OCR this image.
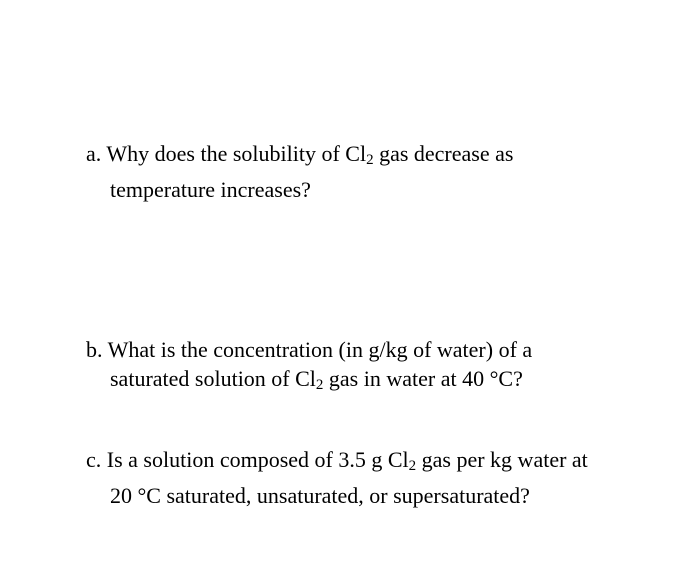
a. Why does the solubility of $Cl_2$ gas decrease as
temperature increases?
b. What is the concentration (in g/kg of water) of a
saturated solution of $Cl_2$ gas in water at 40 °C?
c. Is a solution composed of 3.5 g $Cl_2$ gas per kg water at
20 °C saturated, unsaturated, or supersaturated?
